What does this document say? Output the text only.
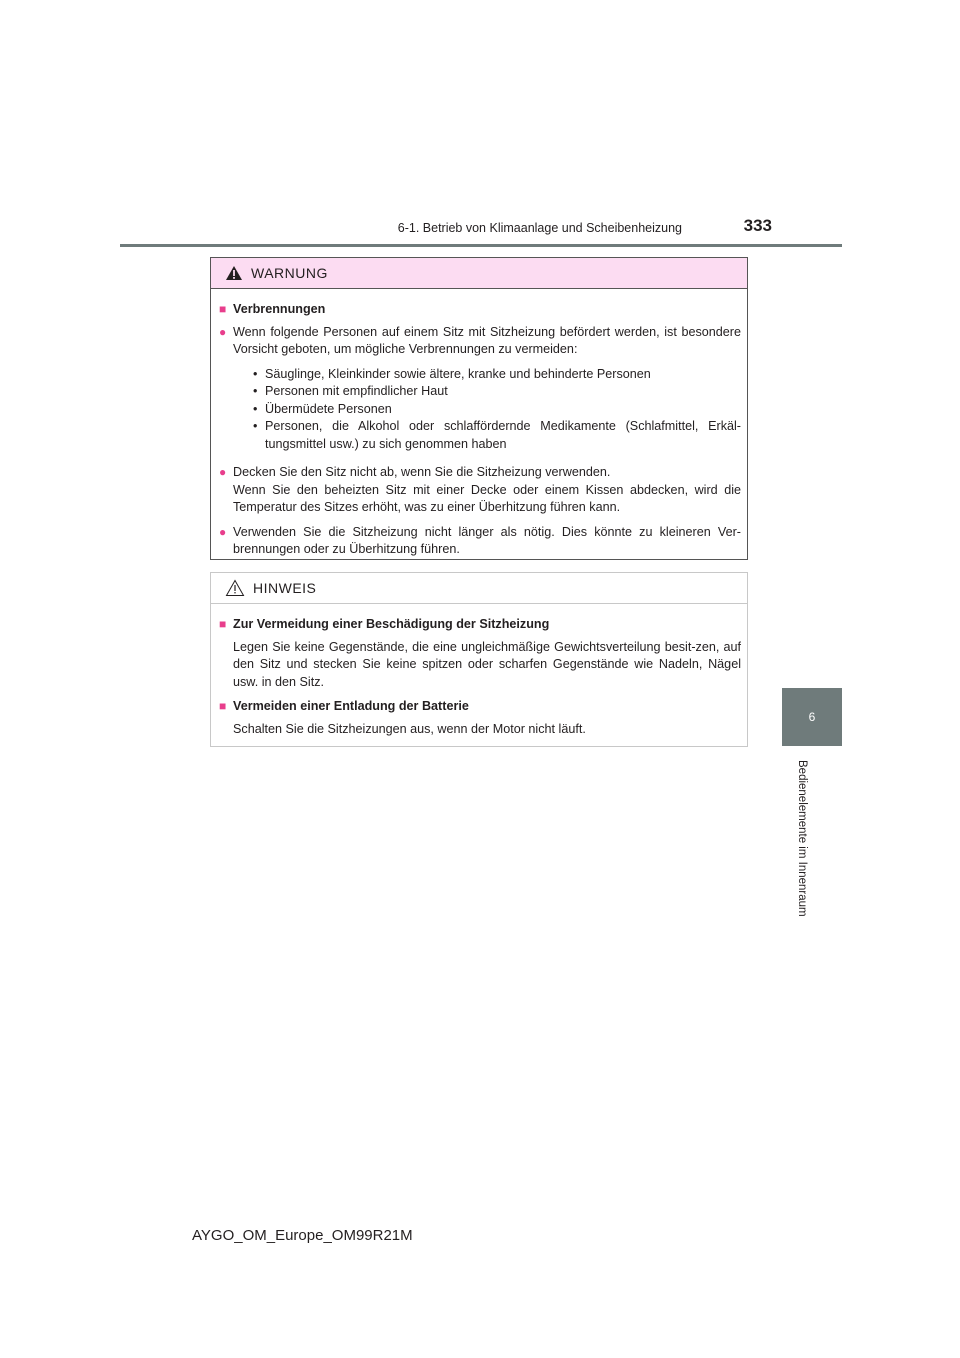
6-1. Betrieb von Klimaanlage und Scheibenheizung	333
6
Bedienelemente im Innenraum
WARNUNG
■ Verbrennungen
● Wenn folgende Personen auf einem Sitz mit Sitzheizung befördert werden, ist besondere Vorsicht geboten, um mögliche Verbrennungen zu vermeiden:
• Säuglinge, Kleinkinder sowie ältere, kranke und behinderte Personen
• Personen mit empfindlicher Haut
• Übermüdete Personen
• Personen, die Alkohol oder schlaffördernde Medikamente (Schlafmittel, Erkäl-tungsmittel usw.) zu sich genommen haben
● Decken Sie den Sitz nicht ab, wenn Sie die Sitzheizung verwenden.
Wenn Sie den beheizten Sitz mit einer Decke oder einem Kissen abdecken, wird die Temperatur des Sitzes erhöht, was zu einer Überhitzung führen kann.
● Verwenden Sie die Sitzheizung nicht länger als nötig. Dies könnte zu kleineren Ver-brennungen oder zu Überhitzung führen.
HINWEIS
■ Zur Vermeidung einer Beschädigung der Sitzheizung
Legen Sie keine Gegenstände, die eine ungleichmäßige Gewichtsverteilung besit-zen, auf den Sitz und stecken Sie keine spitzen oder scharfen Gegenstände wie Nadeln, Nägel usw. in den Sitz.
■ Vermeiden einer Entladung der Batterie
Schalten Sie die Sitzheizungen aus, wenn der Motor nicht läuft.
AYGO_OM_Europe_OM99R21M
